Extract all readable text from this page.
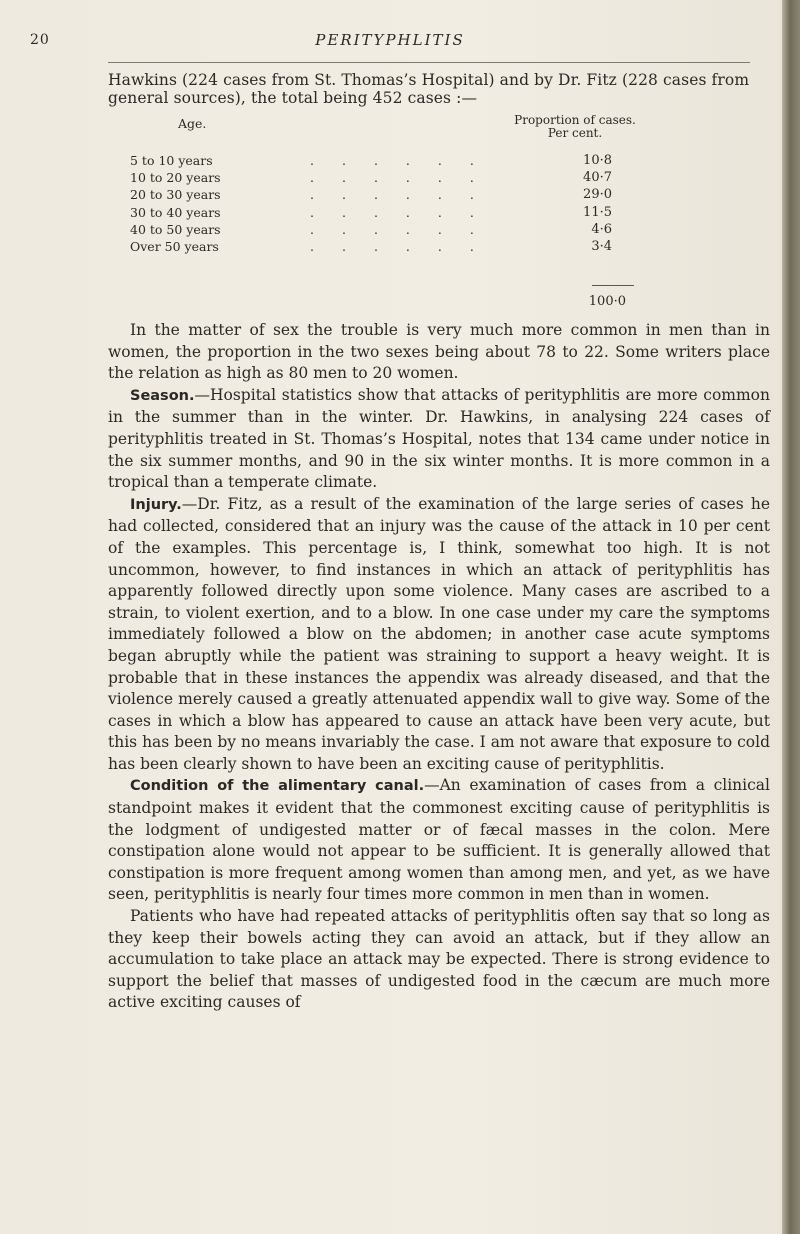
20	PERITYPHLITIS
Hawkins (224 cases from St. Thomas’s Hospital) and by Dr. Fitz (228 cases from general sources), the total being 452 cases :—
Age.	Proportion of cases.
Per cent.
5 to 10 years	......	10·8
10 to 20 years	......	40·7
20 to 30 years	......	29·0
30 to 40 years	......	11·5
40 to 50 years	......	4·6
Over 50 years	......	3·4
100·0

In the matter of sex the trouble is very much more common in men than in women, the proportion in the two sexes being about 78 to 22. Some writers place the relation as high as 80 men to 20 women.

Season.—Hospital statistics show that attacks of perityphlitis are more common in the summer than in the winter. Dr. Hawkins, in analysing 224 cases of perityphlitis treated in St. Thomas’s Hospital, notes that 134 came under notice in the six summer months, and 90 in the six winter months. It is more common in a tropical than a temperate climate.

Injury.—Dr. Fitz, as a result of the examination of the large series of cases he had collected, considered that an injury was the cause of the attack in 10 per cent of the examples. This percentage is, I think, somewhat too high. It is not uncommon, however, to find instances in which an attack of perityphlitis has apparently followed directly upon some violence. Many cases are ascribed to a strain, to violent exertion, and to a blow. In one case under my care the symptoms immediately followed a blow on the abdomen; in another case acute symptoms began abruptly while the patient was straining to support a heavy weight. It is probable that in these instances the appendix was already diseased, and that the violence merely caused a greatly attenuated appendix wall to give way. Some of the cases in which a blow has appeared to cause an attack have been very acute, but this has been by no means invariably the case. I am not aware that exposure to cold has been clearly shown to have been an exciting cause of perityphlitis.

Condition of the alimentary canal.—An examination of cases from a clinical standpoint makes it evident that the commonest exciting cause of perityphlitis is the lodgment of undigested matter or of fæcal masses in the colon. Mere constipation alone would not appear to be sufficient. It is generally allowed that constipation is more frequent among women than among men, and yet, as we have seen, perityphlitis is nearly four times more common in men than in women.

Patients who have had repeated attacks of perityphlitis often say that so long as they keep their bowels acting they can avoid an attack, but if they allow an accumulation to take place an attack may be expected. There is strong evidence to support the belief that masses of undigested food in the cæcum are much more active exciting causes of
